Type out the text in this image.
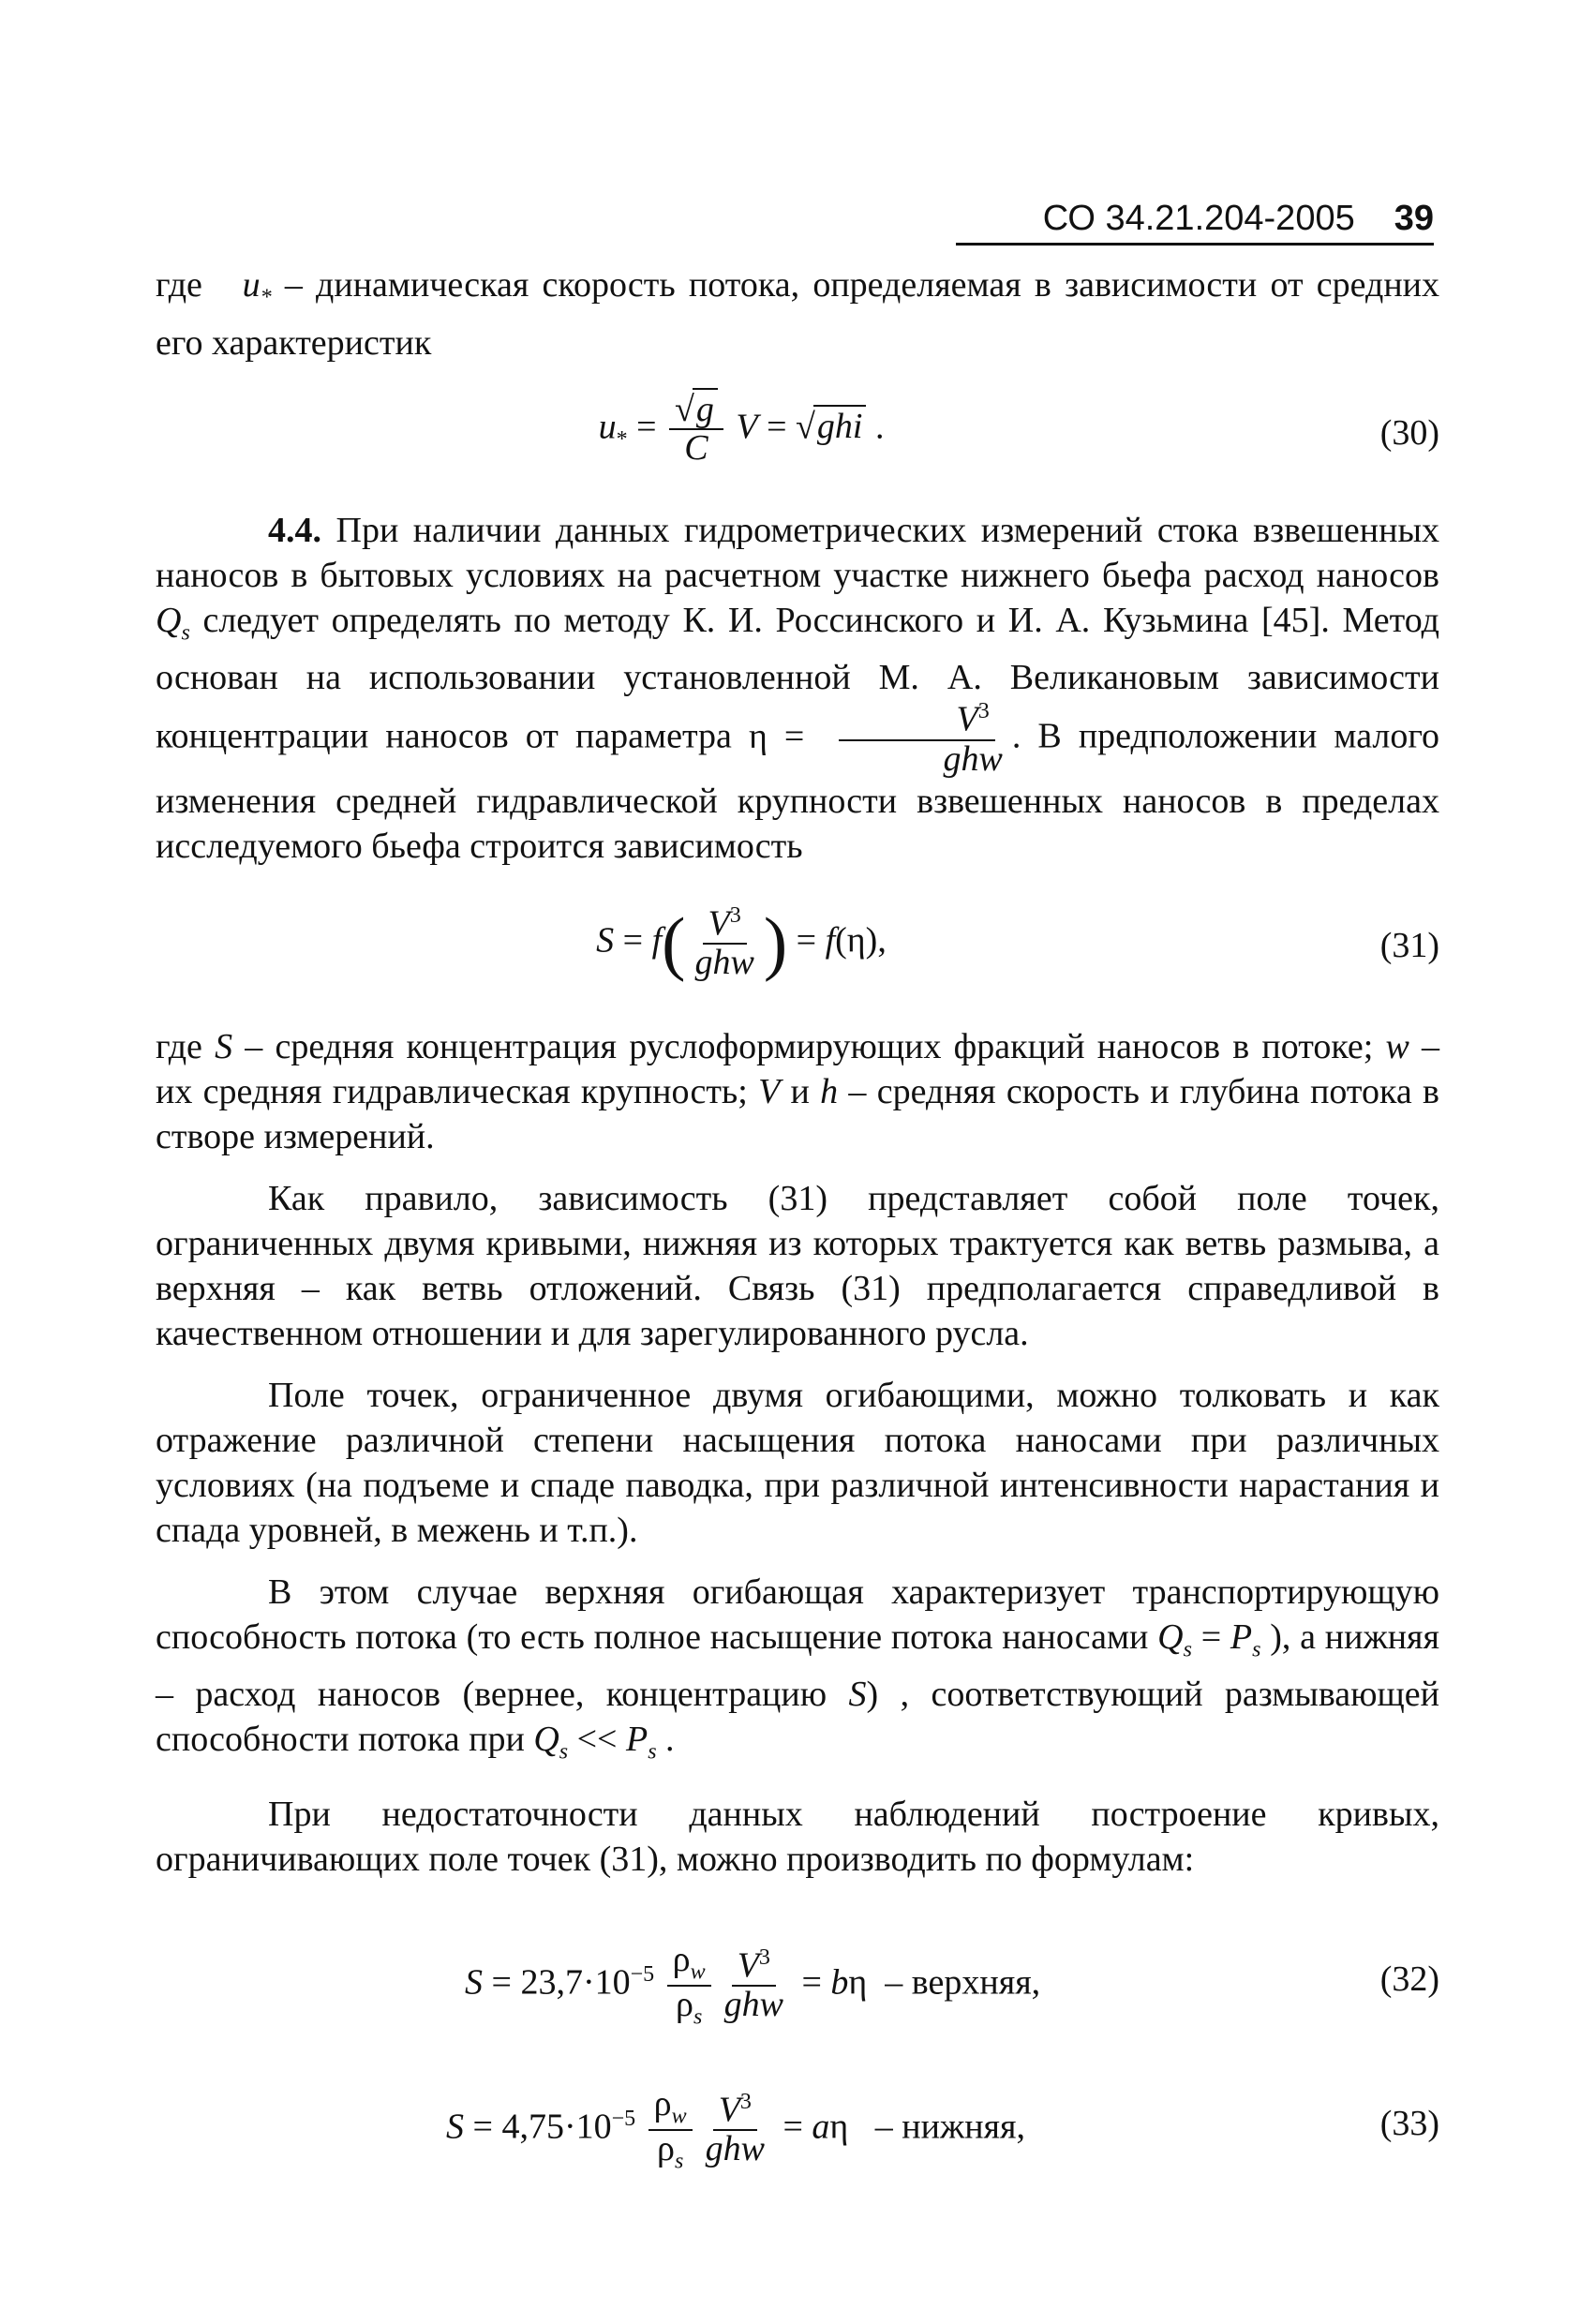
СО 34.21.204-2005 39

где $u_*$ – динамическая скорость потока, определяемая в зависимости от средних его характеристик

$u_* = \frac{√g}{C}$ V = √ghi .	(30)

4.4. При наличии данных гидрометрических измерений стока взвешенных наносов в бытовых условиях на расчетном участке нижнего бьефа расход наносов $Q_s$ следует определять по методу К. И. Россинского и И. А. Кузьмина [45]. Метод основан на использовании установленной М. А. Великановым зависимости концентрации наносов от параметра $\eta = \frac{V^3}{\text{ghw}}$ . В предположении малого изменения средней гидравлической крупности взвешенных наносов в пределах исследуемого бьефа строится зависимость

$S = f( \frac{V^3}{\text{ghw}}$ ) = f(η),	(31)

где S – средняя концентрация руслоформирующих фракций наносов в потоке; w – их средняя гидравлическая крупность; V и h – средняя скорость и глубина потока в створе измерений.

Как правило, зависимость (31) представляет собой поле точек, ограниченных двумя кривыми, нижняя из которых трактуется как ветвь размыва, а верхняя – как ветвь отложений. Связь (31) предполагается справедливой в качественном отношении и для зарегулированного русла.

Поле точек, ограниченное двумя огибающими, можно толковать и как отражение различной степени насыщения потока наносами при различных условиях (на подъеме и спаде паводка, при различной интенсивности нарастания и спада уровней, в межень и т.п.).

В этом случае верхняя огибающая характеризует транспортирующую способность потока (то есть полное насыщение потока наносами $Q_s = P_s$ ), а нижняя – расход наносов (вернее, концентрацию S) , соответствующий размывающей способности потока при $Q_s << P_s$ .

При недостаточности данных наблюдений построение кривых, ограничивающих поле точек (31), можно производить по формулам:

$S = 23,7\cdot 10^{-5} \frac{\rho_w}{\rho_s} \frac{V^3}{\text{ghw}} = b\eta$  – верхняя,	(32)
$S = 4,75\cdot 10^{-5} \frac{\rho_w}{\rho_s} \frac{V^3}{\text{ghw}} = a\eta$   – нижняя,	(33)
